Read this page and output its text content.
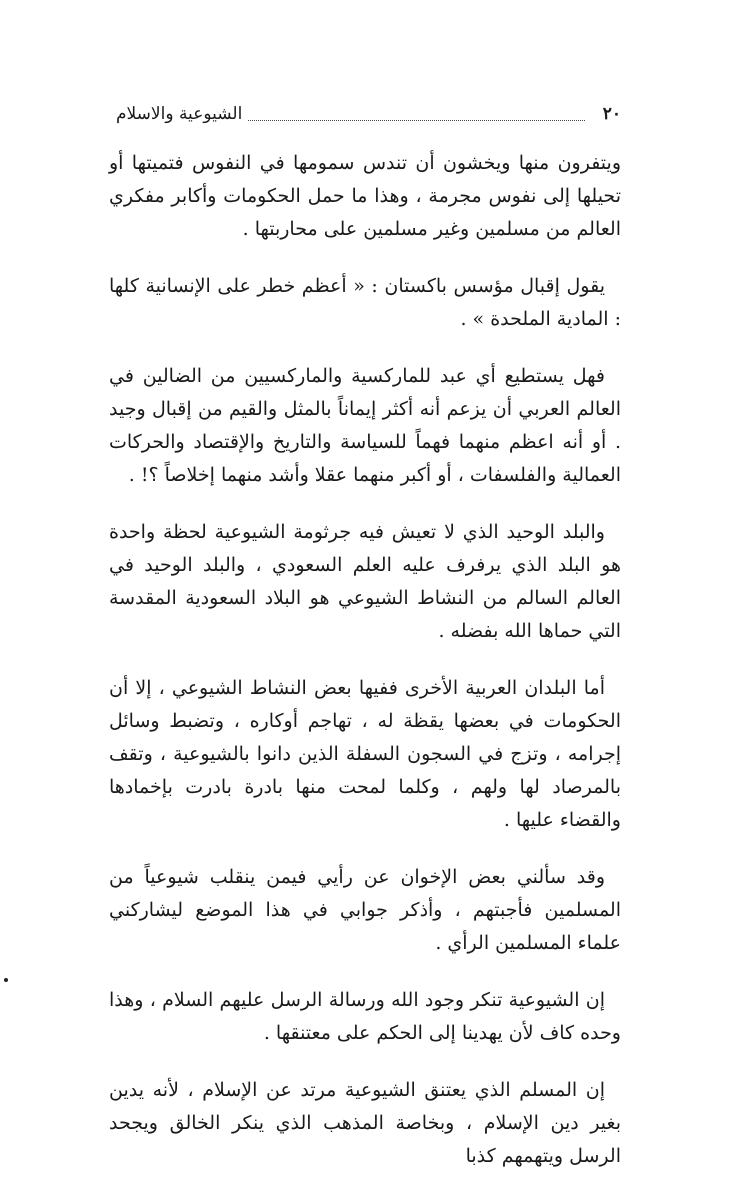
٢٠
الشيوعية والاسلام

ويتفرون منها ويخشون أن تندس سمومها في النفوس فتميتها أو تحيلها إلى نفوس مجرمة ، وهذا ما حمل الحكومات وأكابر مفكري العالم من مسلمين وغير مسلمين على محاربتها .

يقول إقبال مؤسس باكستان : « أعظم خطر على الإنسانية كلها : المادية الملحدة » .

فهل يستطيع أي عبد للماركسية والماركسيين من الضالين في العالم العربي أن يزعم أنه أكثر إيماناً بالمثل والقيم من إقبال وجيد . أو أنه اعظم منهما فهماً للسياسة والتاريخ والإقتصاد والحركات العمالية والفلسفات ، أو أكبر منهما عقلا وأشد منهما إخلاصاً ؟! .

والبلد الوحيد الذي لا تعيش فيه جرثومة الشيوعية لحظة واحدة هو البلد الذي يرفرف عليه العلم السعودي ، والبلد الوحيد في العالم السالم من النشاط الشيوعي هو البلاد السعودية المقدسة التي حماها الله بفضله .

أما البلدان العربية الأخرى ففيها بعض النشاط الشيوعي ، إلا أن الحكومات في بعضها يقظة له ، تهاجم أوكاره ، وتضبط وسائل إجرامه ، وتزج في السجون السفلة الذين دانوا بالشيوعية ، وتقف بالمرصاد لها ولهم ، وكلما لمحت منها بادرة بادرت بإخمادها والقضاء عليها .

وقد سألني بعض الإخوان عن رأيي فيمن ينقلب شيوعياً من المسلمين فأجبتهم ، وأذكر جوابي في هذا الموضع ليشاركني علماء المسلمين الرأي .

إن الشيوعية تنكر وجود الله ورسالة الرسل عليهم السلام ، وهذا وحده كاف لأن يهدينا إلى الحكم على معتنقها .

إن المسلم الذي يعتنق الشيوعية مرتد عن الإسلام ، لأنه يدين بغير دين الإسلام ، وبخاصة المذهب الذي ينكر الخالق ويجحد الرسل ويتهمهم كذبا
